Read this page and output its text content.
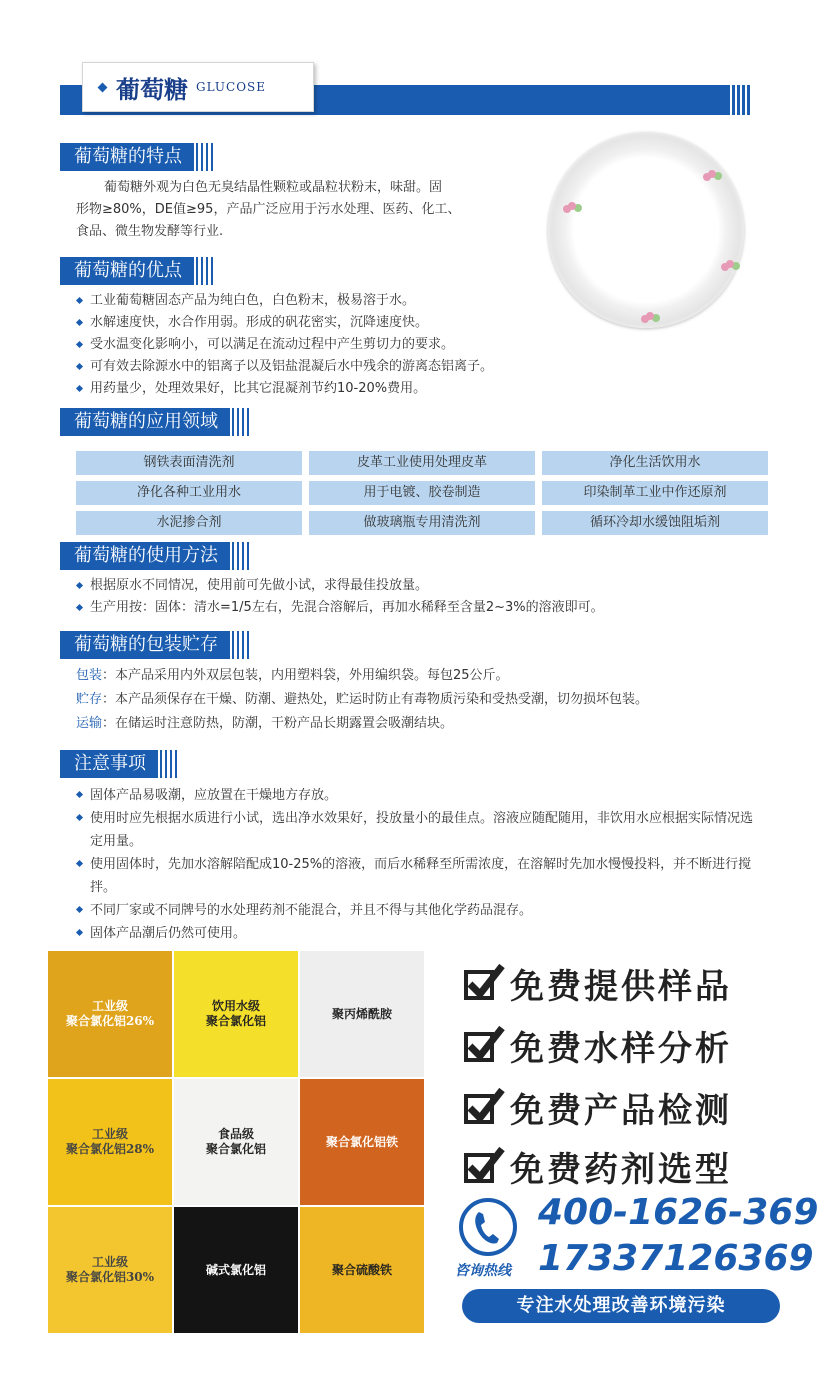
葡萄糖 GLUCOSE
葡萄糖的特点
葡萄糖外观为白色无臭结晶性颗粒或晶粒状粉末，味甜。固
形物≥80%，DE值≥95，产品广泛应用于污水处理、医药、化工、
食品、微生物发酵等行业.
葡萄糖的优点
工业葡萄糖固态产品为纯白色，白色粉末，极易溶于水。
水解速度快，水合作用弱。形成的矾花密实，沉降速度快。
受水温变化影响小，可以满足在流动过程中产生剪切力的要求。
可有效去除源水中的铝离子以及铝盐混凝后水中残余的游离态铝离子。
用药量少，处理效果好，比其它混凝剂节约10-20%费用。
葡萄糖的应用领域
钢铁表面清洗剂	皮革工业使用处理皮革	净化生活饮用水
净化各种工业用水	用于电镀、胶卷制造	印染制革工业中作还原剂
水泥掺合剂	做玻璃瓶专用清洗剂	循环冷却水缓蚀阻垢剂
葡萄糖的使用方法
根据原水不同情况，使用前可先做小试，求得最佳投放量。
生产用按：固体：清水=1/5左右，先混合溶解后，再加水稀释至含量2~3%的溶液即可。
葡萄糖的包装贮存
包装：本产品采用内外双层包装，内用塑料袋，外用编织袋。每包25公斤。
贮存：本产品须保存在干燥、防潮、避热处，贮运时防止有毒物质污染和受热受潮，切勿损坏包装。
运输：在储运时注意防热，防潮，干粉产品长期露置会吸潮结块。
注意事项
固体产品易吸潮，应放置在干燥地方存放。
使用时应先根据水质进行小试，选出净水效果好，投放量小的最佳点。溶液应随配随用，非饮用水应根据实际情况选定用量。
使用固体时，先加水溶解陪配成10-25%的溶液，而后水稀释至所需浓度，在溶解时先加水慢慢投料，并不断进行搅拌。
不同厂家或不同牌号的水处理药剂不能混合，并且不得与其他化学药品混存。
固体产品潮后仍然可使用。
工业级
聚合氯化铝26%
饮用水级
聚合氯化铝
聚丙烯酰胺
工业级
聚合氯化铝28%
食品级
聚合氯化铝
聚合氯化铝铁
工业级
聚合氯化铝30%
碱式氯化铝	聚合硫酸铁
免费提供样品
免费水样分析
免费产品检测
免费药剂选型
咨询热线
400-1626-369
17337126369
专注水处理改善环境污染
